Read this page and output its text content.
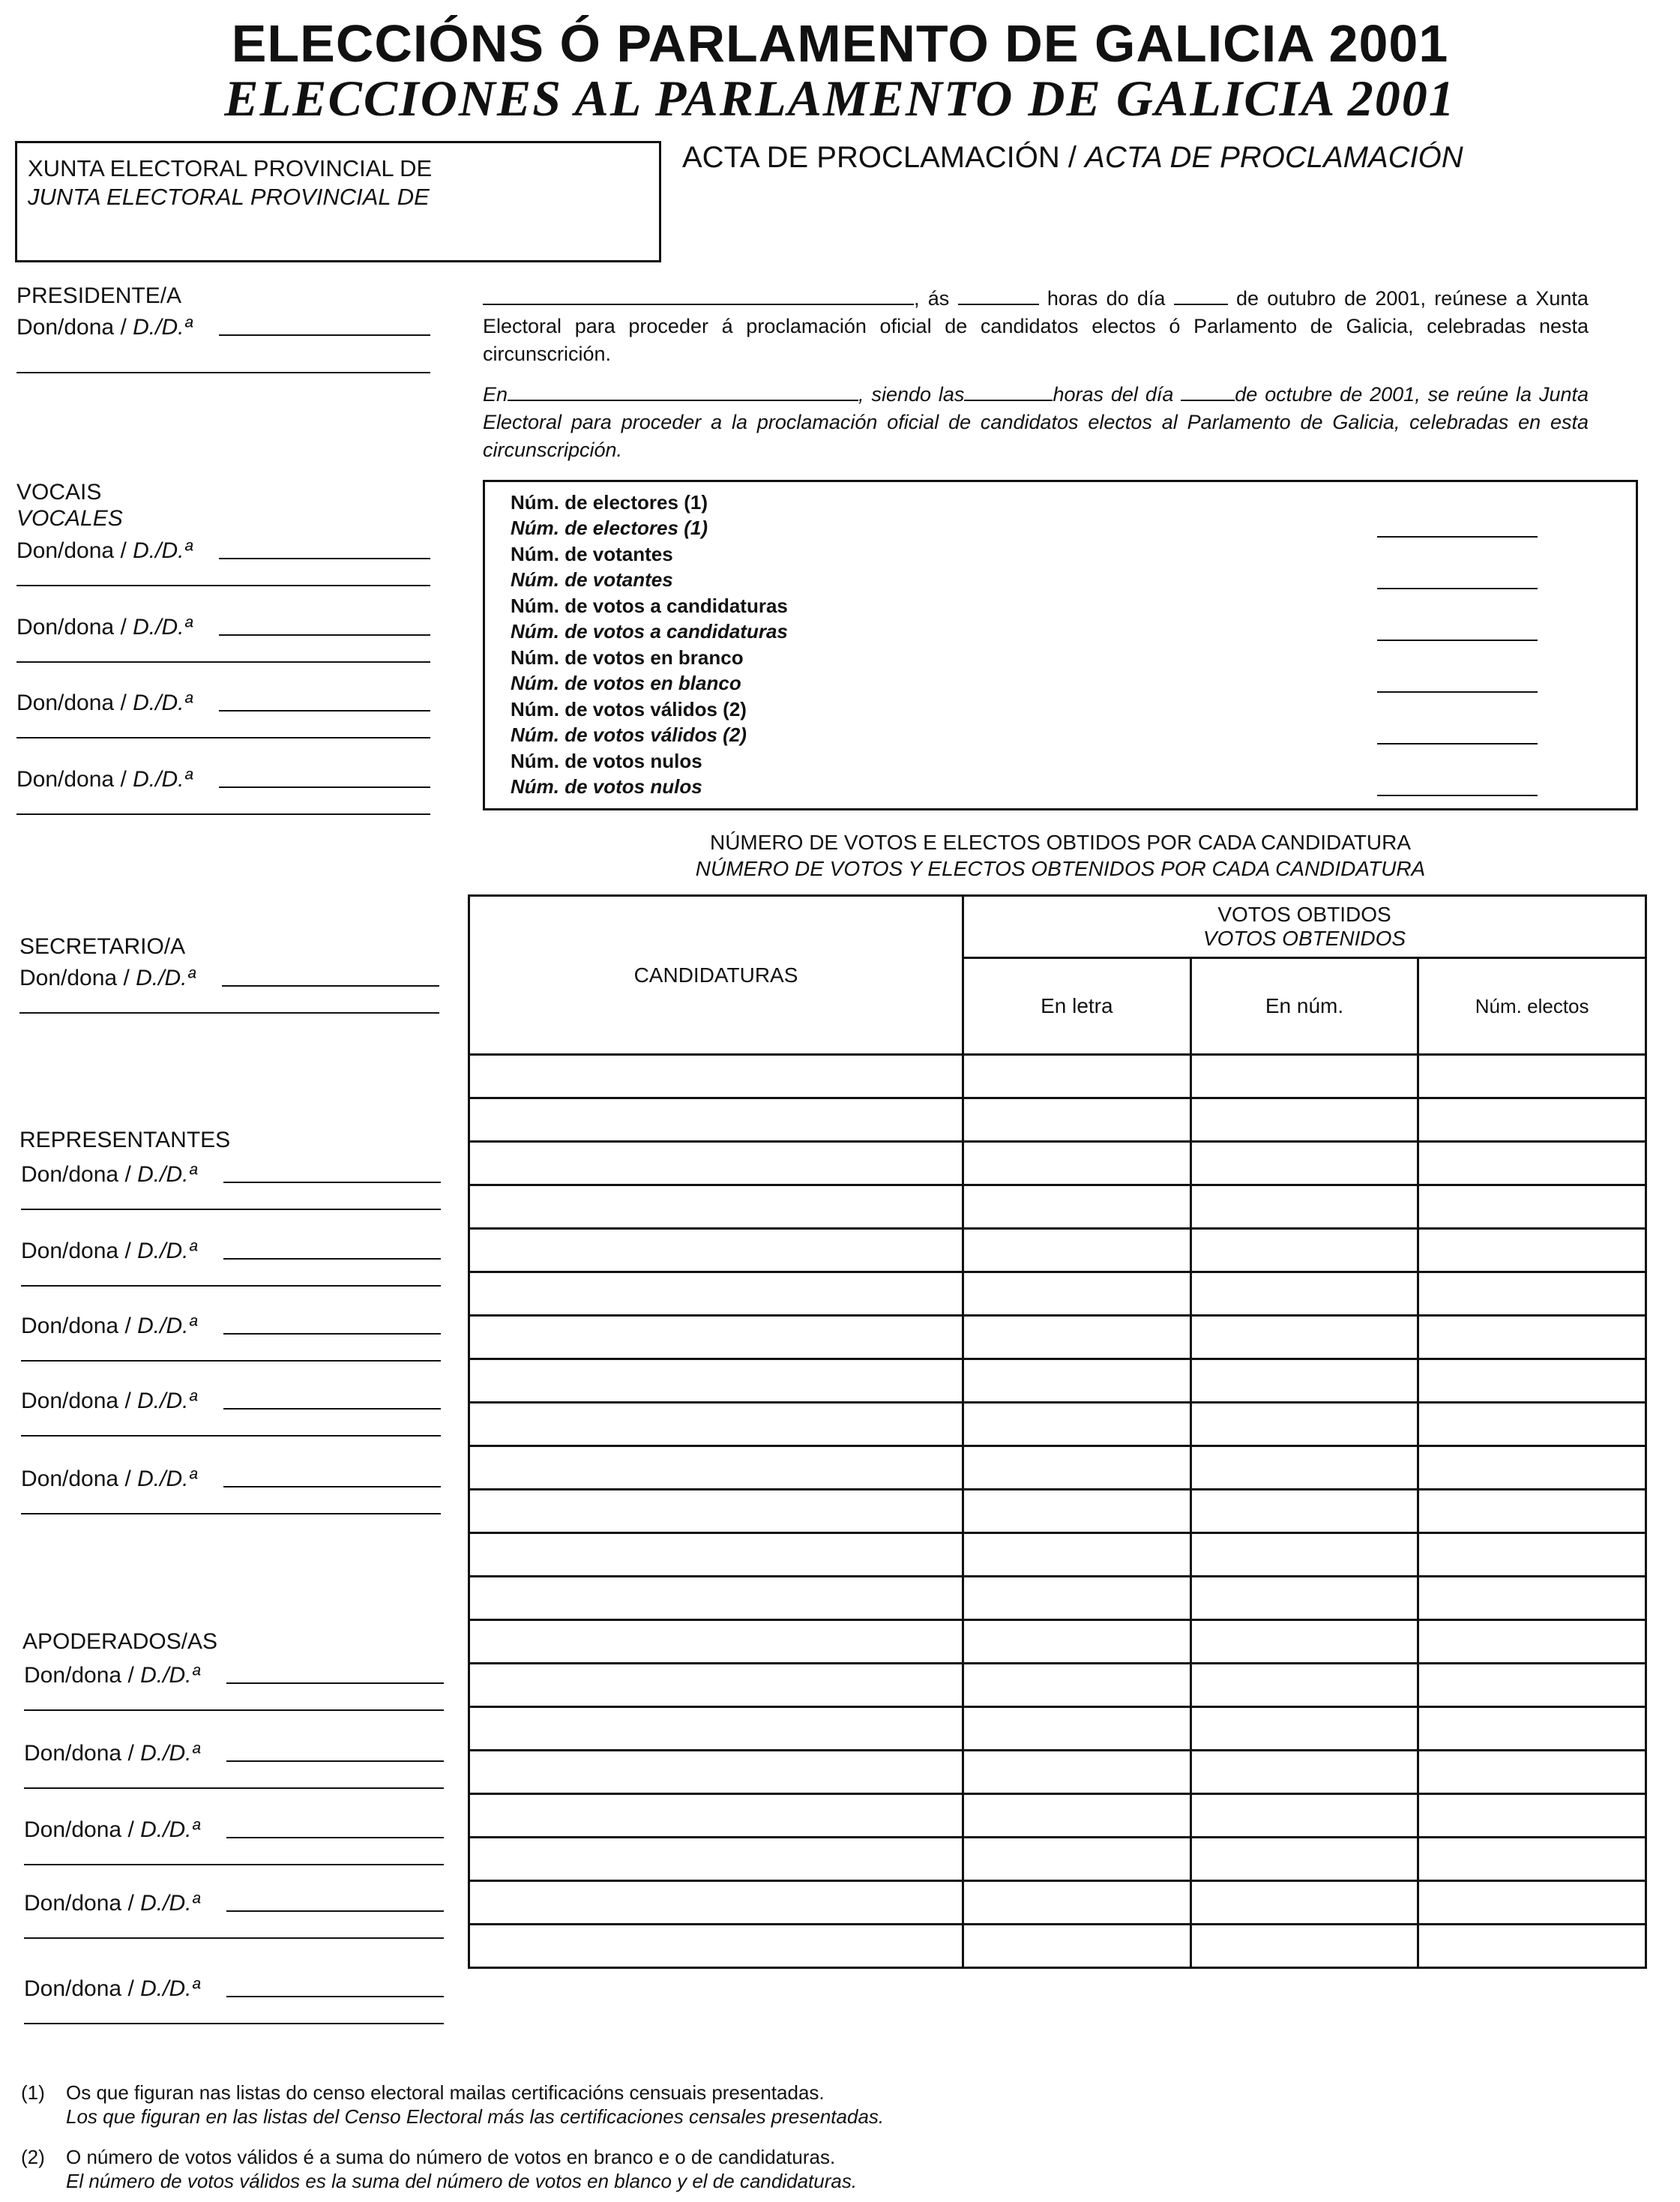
ELECCIÓNS Ó PARLAMENTO DE GALICIA 2001
ELECCIONES AL PARLAMENTO DE GALICIA 2001
XUNTA ELECTORAL PROVINCIAL DE
JUNTA ELECTORAL PROVINCIAL DE
ACTA DE PROCLAMACIÓN / ACTA DE PROCLAMACIÓN
PRESIDENTE/A
Don/dona / D./D.ª
VOCAIS
VOCALES
SECRETARIO/A
REPRESENTANTES
APODERADOS/AS
, ás	horas do día	de outubro de 2001, reúnese a Xunta Electoral para proceder á proclamación oficial de candidatos electos ó Parlamento de Galicia, celebradas nesta circunscrición.
En	, siendo las	horas del día	de octubre de 2001, se reúne la Junta Electoral para proceder a la proclamación oficial de candidatos electos al Parlamento de Galicia, celebradas en esta circunscripción.
Núm. de electores (1)
Núm. de electores (1)
Núm. de votantes
Núm. de votantes
Núm. de votos a candidaturas
Núm. de votos a candidaturas
Núm. de votos en branco
Núm. de votos en blanco
Núm. de votos válidos (2)
Núm. de votos válidos (2)
Núm. de votos nulos
Núm. de votos nulos
NÚMERO DE VOTOS E ELECTOS OBTIDOS POR CADA CANDIDATURA
NÚMERO DE VOTOS Y ELECTOS OBTENIDOS POR CADA CANDIDATURA
CANDIDATURAS	VOTOS OBTIDOS
VOTOS OBTENIDOS		

	En letra	En núm.	Núm. electos

(1) Os que figuran nas listas do censo electoral mailas certificacións censuais presentadas.
Los que figuran en las listas del Censo Electoral más las certificaciones censales presentadas.
(2) O número de votos válidos é a suma do número de votos en branco e o de candidaturas.
El número de votos válidos es la suma del número de votos en blanco y el de candidaturas.
Don/dona / D./D.ª
Don/dona / D./D.ª
Don/dona / D./D.ª
Don/dona / D./D.ª
Don/dona / D./D.ª
Don/dona / D./D.ª
Don/dona / D./D.ª
Don/dona / D./D.ª
Don/dona / D./D.ª
Don/dona / D./D.ª
Don/dona / D./D.ª
Don/dona / D./D.ª
Don/dona / D./D.ª
Don/dona / D./D.ª
Don/dona / D./D.ª
